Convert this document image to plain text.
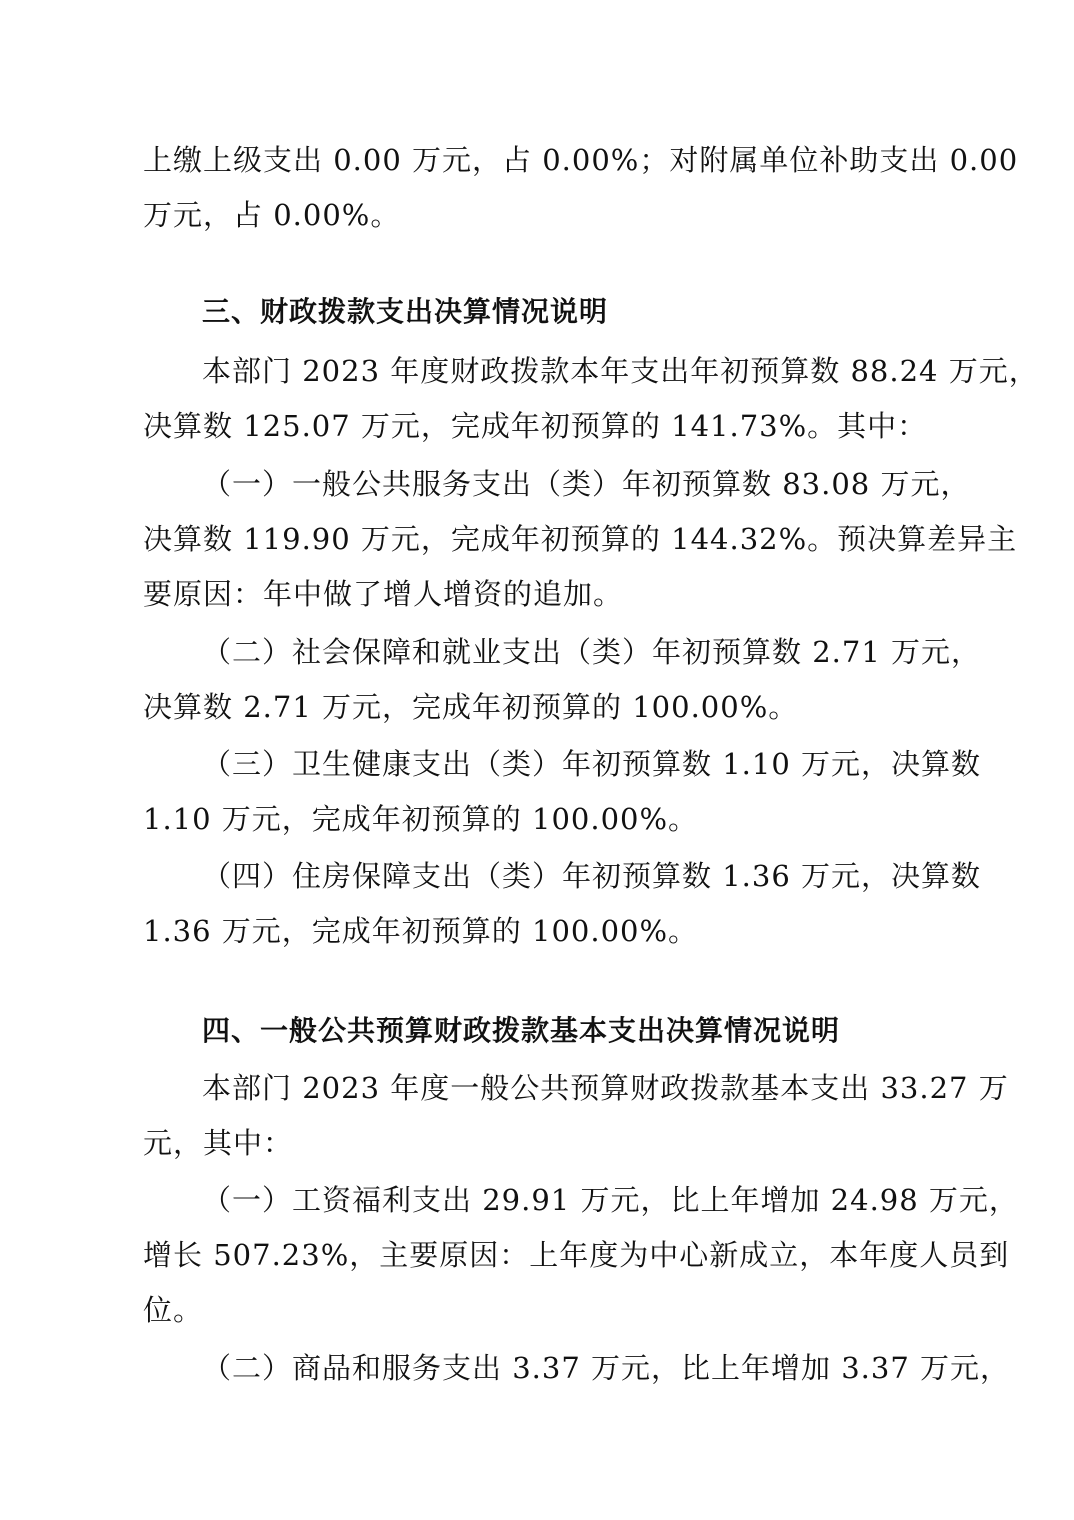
上缴上级支出 0.00 万元，占 0.00%；对附属单位补助支出 0.00
万元，占 0.00%。
三、财政拨款支出决算情况说明
本部门 2023 年度财政拨款本年支出年初预算数 88.24 万元，
决算数 125.07 万元，完成年初预算的 141.73%。其中：
（一）一般公共服务支出（类）年初预算数 83.08 万元，
决算数 119.90 万元，完成年初预算的 144.32%。预决算差异主
要原因：年中做了增人增资的追加。
（二）社会保障和就业支出（类）年初预算数 2.71 万元，
决算数 2.71 万元，完成年初预算的 100.00%。
（三）卫生健康支出（类）年初预算数 1.10 万元，决算数
1.10 万元，完成年初预算的 100.00%。
（四）住房保障支出（类）年初预算数 1.36 万元，决算数
1.36 万元，完成年初预算的 100.00%。
四、一般公共预算财政拨款基本支出决算情况说明
本部门 2023 年度一般公共预算财政拨款基本支出 33.27 万
元，其中：
（一）工资福利支出 29.91 万元，比上年增加 24.98 万元，
增长 507.23%，主要原因：上年度为中心新成立，本年度人员到
位。
（二）商品和服务支出 3.37 万元，比上年增加 3.37 万元，
